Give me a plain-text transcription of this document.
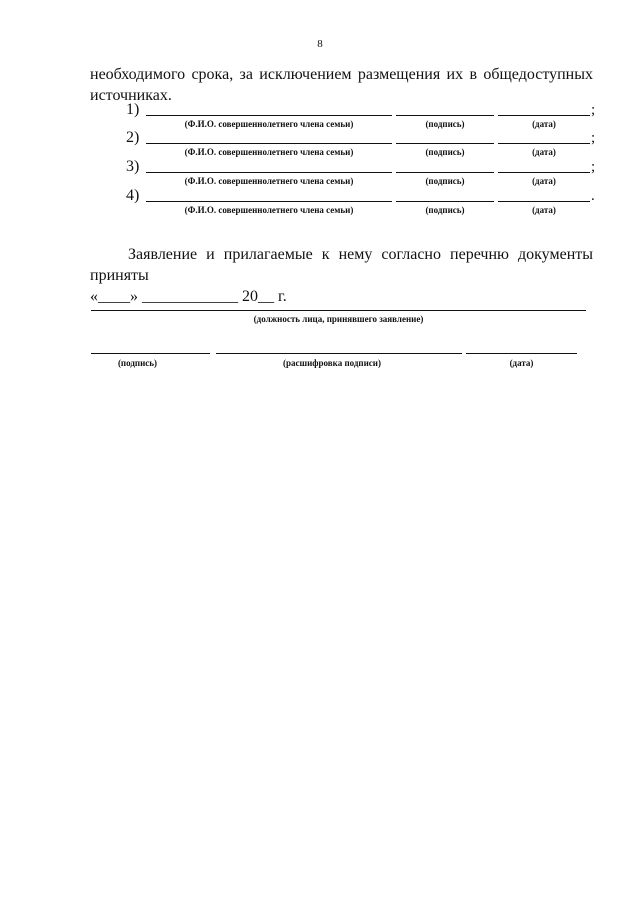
8
необходимого срока, за исключением размещения их в общедоступных
источниках.
1)	;
(Ф.И.О. совершеннолетнего члена семьи)	(подпись)	(дата)
2)	;
(Ф.И.О. совершеннолетнего члена семьи)	(подпись)	(дата)
3)	;
(Ф.И.О. совершеннолетнего члена семьи)	(подпись)	(дата)
4)	.
(Ф.И.О. совершеннолетнего члена семьи)	(подпись)	(дата)
Заявление и прилагаемые к нему согласно перечню документы приняты
«____» ____________ 20__ г.
(должность лица, принявшего заявление)
(подпись)	(расшифровка подписи)	(дата)
